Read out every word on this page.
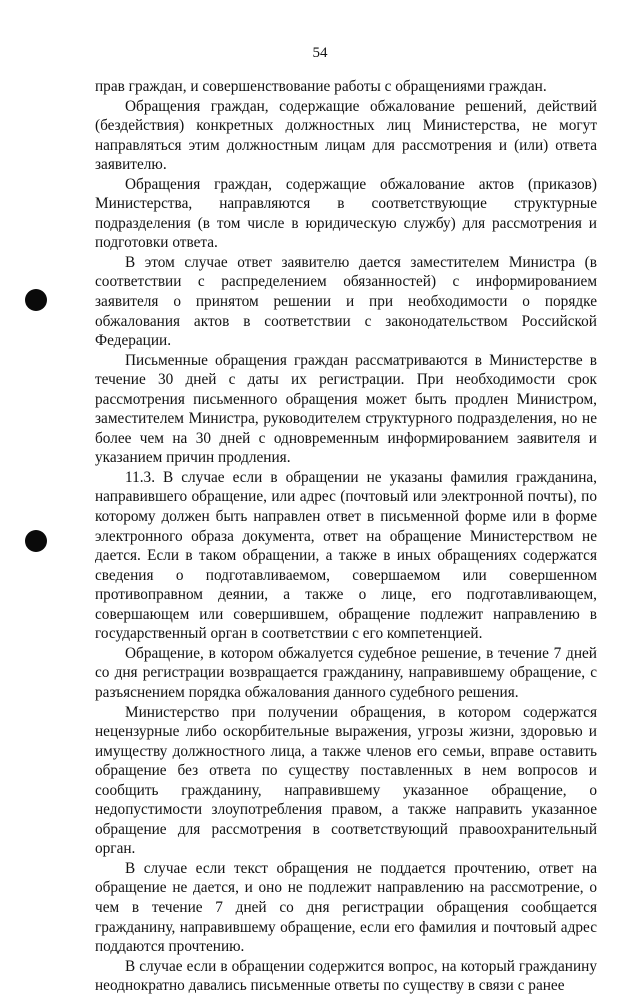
54

прав граждан, и совершенствование работы с обращениями граждан.

Обращения граждан, содержащие обжалование решений, действий (бездействия) конкретных должностных лиц Министерства, не могут направляться этим должностным лицам для рассмотрения и (или) ответа заявителю.

Обращения граждан, содержащие обжалование актов (приказов) Министерства, направляются в соответствующие структурные подразделения (в том числе в юридическую службу) для рассмотрения и подготовки ответа.

В этом случае ответ заявителю дается заместителем Министра (в соответствии с распределением обязанностей) с информированием заявителя о принятом решении и при необходимости о порядке обжалования актов в соответствии с законодательством Российской Федерации.

Письменные обращения граждан рассматриваются в Министерстве в течение 30 дней с даты их регистрации. При необходимости срок рассмотрения письменного обращения может быть продлен Министром, заместителем Министра, руководителем структурного подразделения, но не более чем на 30 дней с одновременным информированием заявителя и указанием причин продления.

11.3. В случае если в обращении не указаны фамилия гражданина, направившего обращение, или адрес (почтовый или электронной почты), по которому должен быть направлен ответ в письменной форме или в форме электронного образа документа, ответ на обращение Министерством не дается. Если в таком обращении, а также в иных обращениях содержатся сведения о подготавливаемом, совершаемом или совершенном противоправном деянии, а также о лице, его подготавливающем, совершающем или совершившем, обращение подлежит направлению в государственный орган в соответствии с его компетенцией.

Обращение, в котором обжалуется судебное решение, в течение 7 дней со дня регистрации возвращается гражданину, направившему обращение, с разъяснением порядка обжалования данного судебного решения.

Министерство при получении обращения, в котором содержатся нецензурные либо оскорбительные выражения, угрозы жизни, здоровью и имуществу должностного лица, а также членов его семьи, вправе оставить обращение без ответа по существу поставленных в нем вопросов и сообщить гражданину, направившему указанное обращение, о недопустимости злоупотребления правом, а также направить указанное обращение для рассмотрения в соответствующий правоохранительный орган.

В случае если текст обращения не поддается прочтению, ответ на обращение не дается, и оно не подлежит направлению на рассмотрение, о чем в течение 7 дней со дня регистрации обращения сообщается гражданину, направившему обращение, если его фамилия и почтовый адрес поддаются прочтению.

В случае если в обращении содержится вопрос, на который гражданину неоднократно давались письменные ответы по существу в связи с ранее
